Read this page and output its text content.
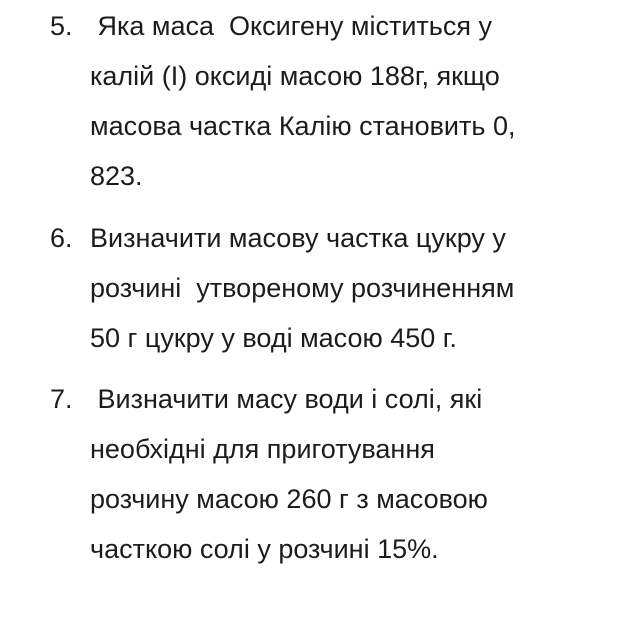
5. Яка маса  Оксигену міститься у
калій (I) оксиді масою 188г, якщо
масова частка Калію становить 0,
823.
6. Визначити масову частка цукру у
розчині  утвореному розчиненням
50 г цукру у воді масою 450 г.
7. Визначити масу води і солі, які
необхідні для приготування
розчину масою 260 г з масовою
часткою солі у розчині 15%.
